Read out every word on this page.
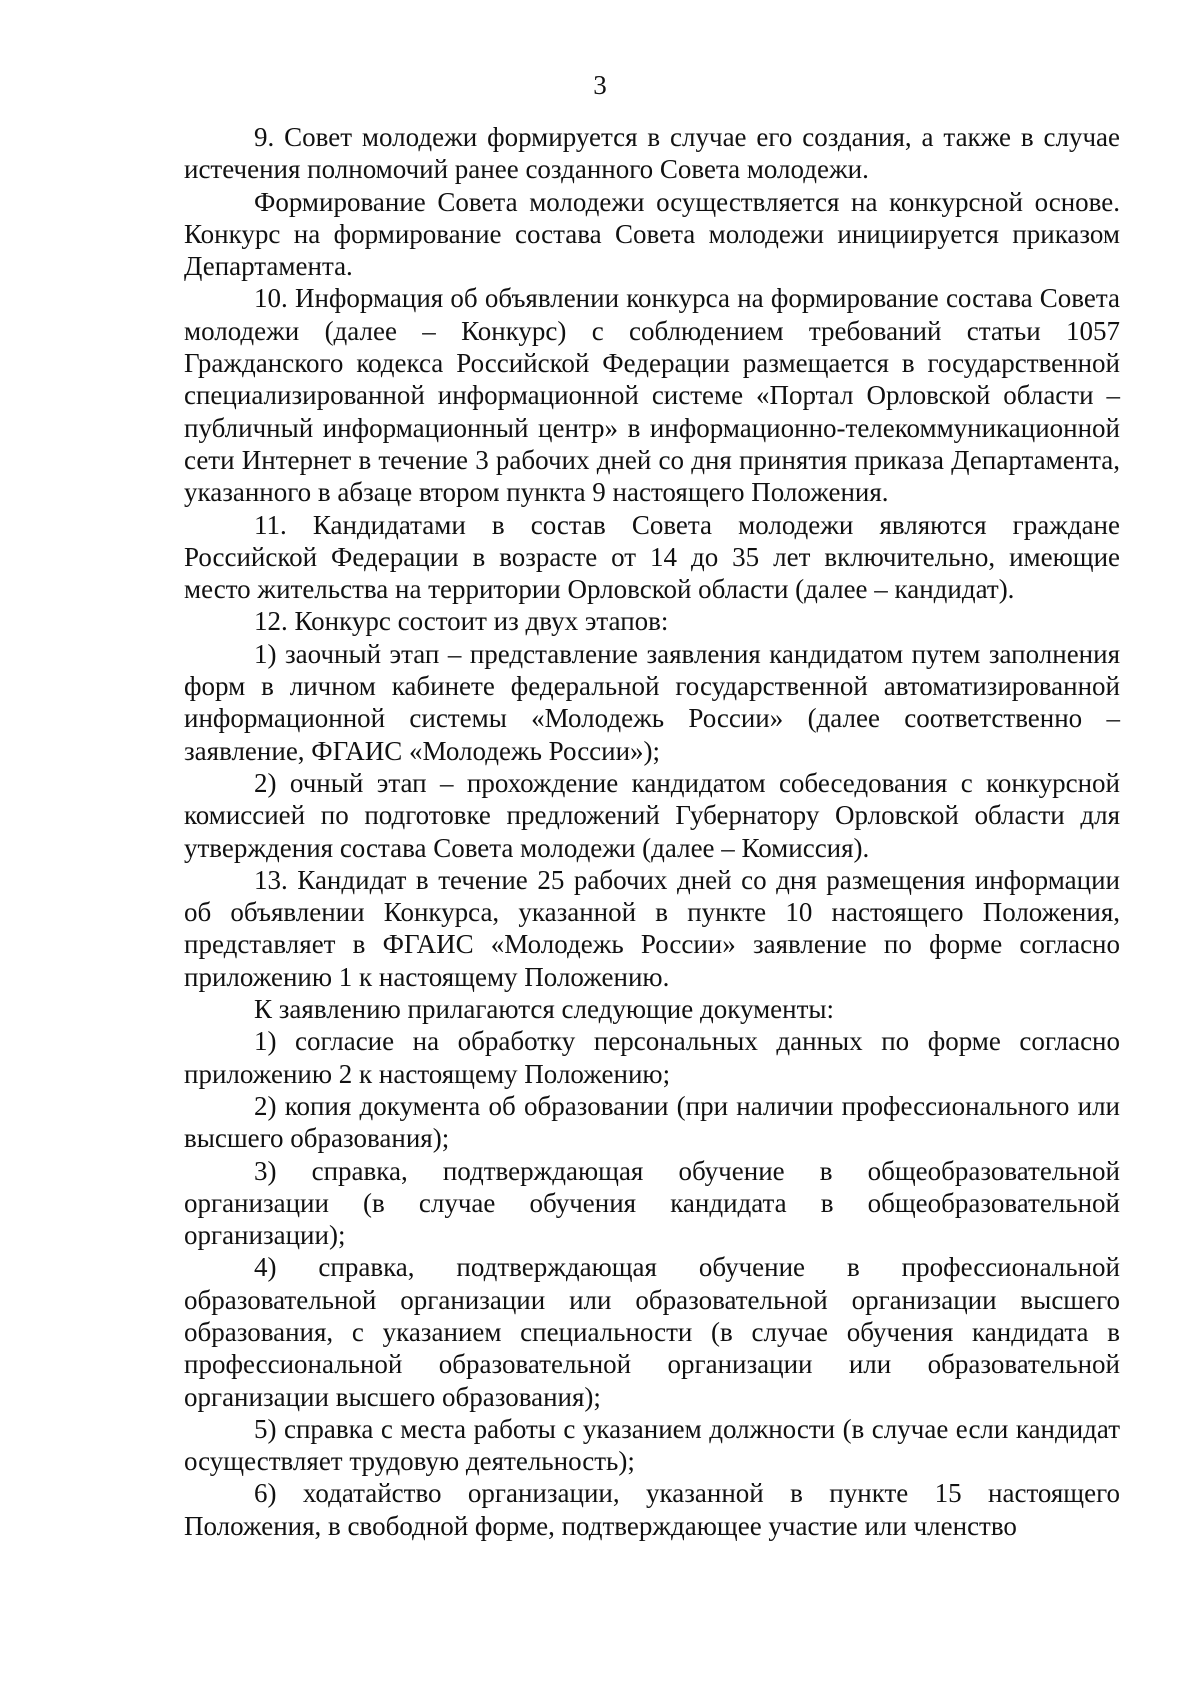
3

9. Совет молодежи формируется в случае его создания, а также в случае истечения полномочий ранее созданного Совета молодежи.

Формирование Совета молодежи осуществляется на конкурсной основе. Конкурс на формирование состава Совета молодежи инициируется приказом Департамента.

10. Информация об объявлении конкурса на формирование состава Совета молодежи (далее – Конкурс) с соблюдением требований статьи 1057 Гражданского кодекса Российской Федерации размещается в государственной специализированной информационной системе «Портал Орловской области – публичный информационный центр» в информационно-телекоммуникационной сети Интернет в течение 3 рабочих дней со дня принятия приказа Департамента, указанного в абзаце втором пункта 9 настоящего Положения.

11. Кандидатами в состав Совета молодежи являются граждане Российской Федерации в возрасте от 14 до 35 лет включительно, имеющие место жительства на территории Орловской области (далее – кандидат).

12. Конкурс состоит из двух этапов:

1) заочный этап – представление заявления кандидатом путем заполнения форм в личном кабинете федеральной государственной автоматизированной информационной системы «Молодежь России» (далее соответственно – заявление, ФГАИС «Молодежь России»);

2) очный этап – прохождение кандидатом собеседования с конкурсной комиссией по подготовке предложений Губернатору Орловской области для утверждения состава Совета молодежи (далее – Комиссия).

13. Кандидат в течение 25 рабочих дней со дня размещения информации об объявлении Конкурса, указанной в пункте 10 настоящего Положения, представляет в ФГАИС «Молодежь России» заявление по форме согласно приложению 1 к настоящему Положению.

К заявлению прилагаются следующие документы:

1) согласие на обработку персональных данных по форме согласно приложению 2 к настоящему Положению;

2) копия документа об образовании (при наличии профессионального или высшего образования);

3) справка, подтверждающая обучение в общеобразовательной организации (в случае обучения кандидата в общеобразовательной организации);

4) справка, подтверждающая обучение в профессиональной образовательной организации или образовательной организации высшего образования, с указанием специальности (в случае обучения кандидата в профессиональной образовательной организации или образовательной организации высшего образования);

5) справка с места работы с указанием должности (в случае если кандидат осуществляет трудовую деятельность);

6) ходатайство организации, указанной в пункте 15 настоящего Положения, в свободной форме, подтверждающее участие или членство
